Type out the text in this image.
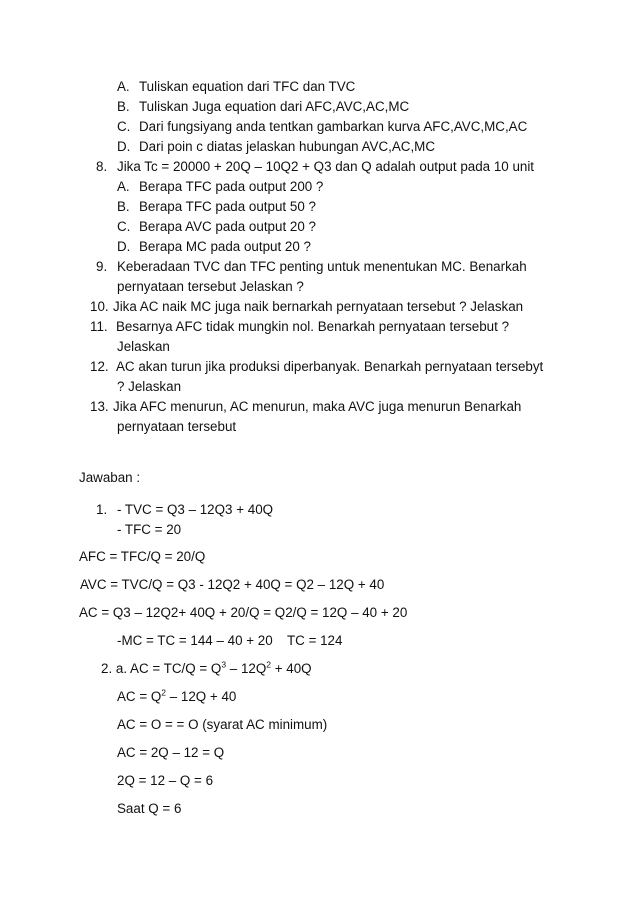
A. Tuliskan equation dari TFC dan TVC
B. Tuliskan Juga equation dari AFC,AVC,AC,MC
C. Dari fungsiyang anda tentkan gambarkan kurva AFC,AVC,MC,AC
D. Dari poin c diatas jelaskan hubungan AVC,AC,MC
8. Jika Tc = 20000 + 20Q – 10Q2 + Q3 dan Q adalah output pada 10 unit
A. Berapa TFC pada output 200 ?
B. Berapa TFC pada output 50 ?
C. Berapa AVC pada output 20 ?
D. Berapa MC pada output 20 ?
9. Keberadaan TVC dan TFC penting untuk menentukan MC. Benarkah
pernyataan tersebut Jelaskan ?
10. Jika AC naik MC juga naik bernarkah pernyataan tersebut ? Jelaskan
11. Besarnya AFC tidak mungkin nol. Benarkah pernyataan tersebut ?
Jelaskan
12. AC akan turun jika produksi diperbanyak. Benarkah pernyataan tersebyt
? Jelaskan
13. Jika AFC menurun, AC menurun, maka AVC juga menurun Benarkah
pernyataan tersebut
Jawaban :
1. - TVC = Q3 – 12Q3 + 40Q
- TFC = 20
AFC = TFC/Q = 20/Q
AVC = TVC/Q = Q3 - 12Q2 + 40Q = Q2 – 12Q + 40
AC = Q3 – 12Q2+ 40Q + 20/Q = Q2/Q = 12Q – 40 + 20
-MC = TC = 144 – 40 + 20 TC = 124
2. a. AC = $TC/Q = Q^3 - 12Q^2 + 40Q$
AC = $Q^2 - 12Q + 40$
AC = O = = O (syarat AC minimum)
AC = 2Q – 12 = Q
2Q = 12 – Q = 6
Saat Q = 6
